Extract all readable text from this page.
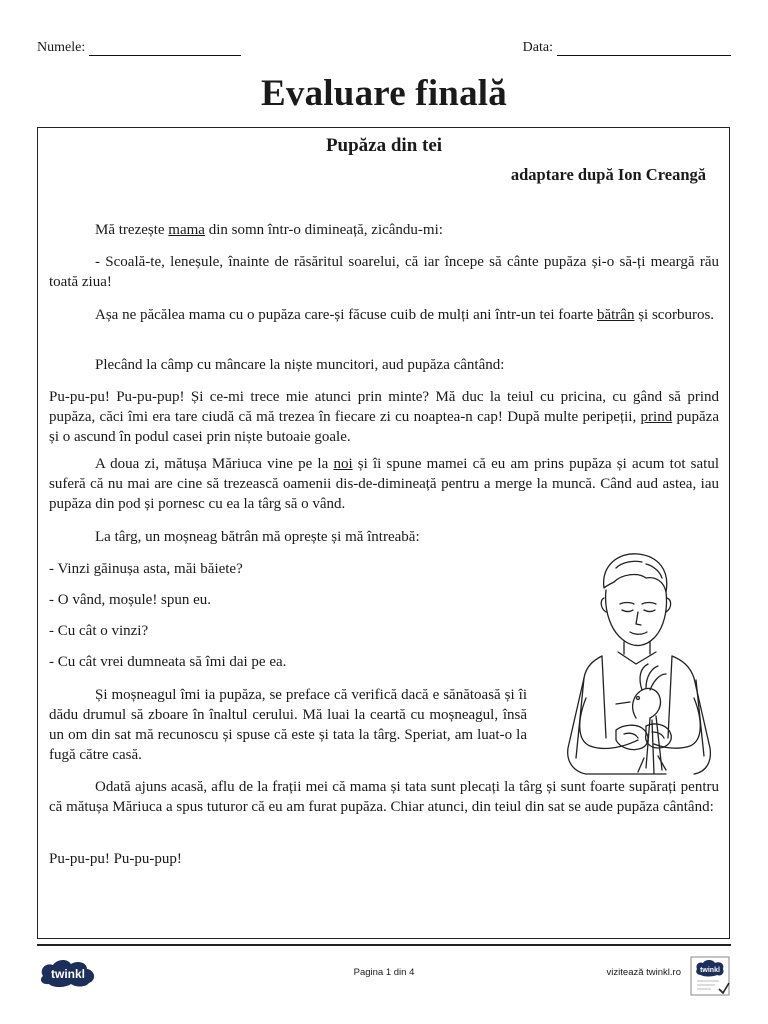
Numele:	Data:
Evaluare finală
Pupăza din tei
adaptare după Ion Creangă

Mă trezește mama din somn într-o dimineață, zicându-mi:

- Scoală-te, leneșule, înainte de răsăritul soarelui, că iar începe să cânte pupăza și-o să-ți meargă rău toată ziua!

Așa ne păcălea mama cu o pupăza care-și făcuse cuib de mulți ani într-un tei foarte bătrân și scorburos.

Plecând la câmp cu mâncare la niște muncitori, aud pupăza cântând:

Pu-pu-pu! Pu-pu-pup! Și ce-mi trece mie atunci prin minte? Mă duc la teiul cu pricina, cu gând să prind pupăza, căci îmi era tare ciudă că mă trezea în fiecare zi cu noaptea-n cap! După multe peripeții, prind pupăza și o ascund în podul casei prin niște butoaie goale.

A doua zi, mătușa Măriuca vine pe la noi și îi spune mamei că eu am prins pupăza și acum tot satul suferă că nu mai are cine să trezească oamenii dis-de-dimineață pentru a merge la muncă. Când aud astea, iau pupăza din pod și pornesc cu ea la târg să o vând.

La târg, un moșneag bătrân mă oprește și mă întreabă:

- Vinzi găinușa asta, măi băiete?

- O vând, moșule! spun eu.

- Cu cât o vinzi?

- Cu cât vrei dumneata să îmi dai pe ea.

Și moșneagul îmi ia pupăza, se preface că verifică dacă e sănătoasă și îi dădu drumul să zboare în înaltul cerului. Mă luai la ceartă cu moșneagul, însă un om din sat mă recunoscu și spuse că este și tata la târg. Speriat, am luat-o la fugă către casă.

Odată ajuns acasă, aflu de la frații mei că mama și tata sunt plecați la târg și sunt foarte supărați pentru că mătușa Măriuca a spus tuturor că eu am furat pupăza. Chiar atunci, din teiul din sat se aude pupăza cântând:

Pu-pu-pu! Pu-pu-pup!

twinkl	Pagina 1 din 4	vizitează twinkl.ro	twinkl
